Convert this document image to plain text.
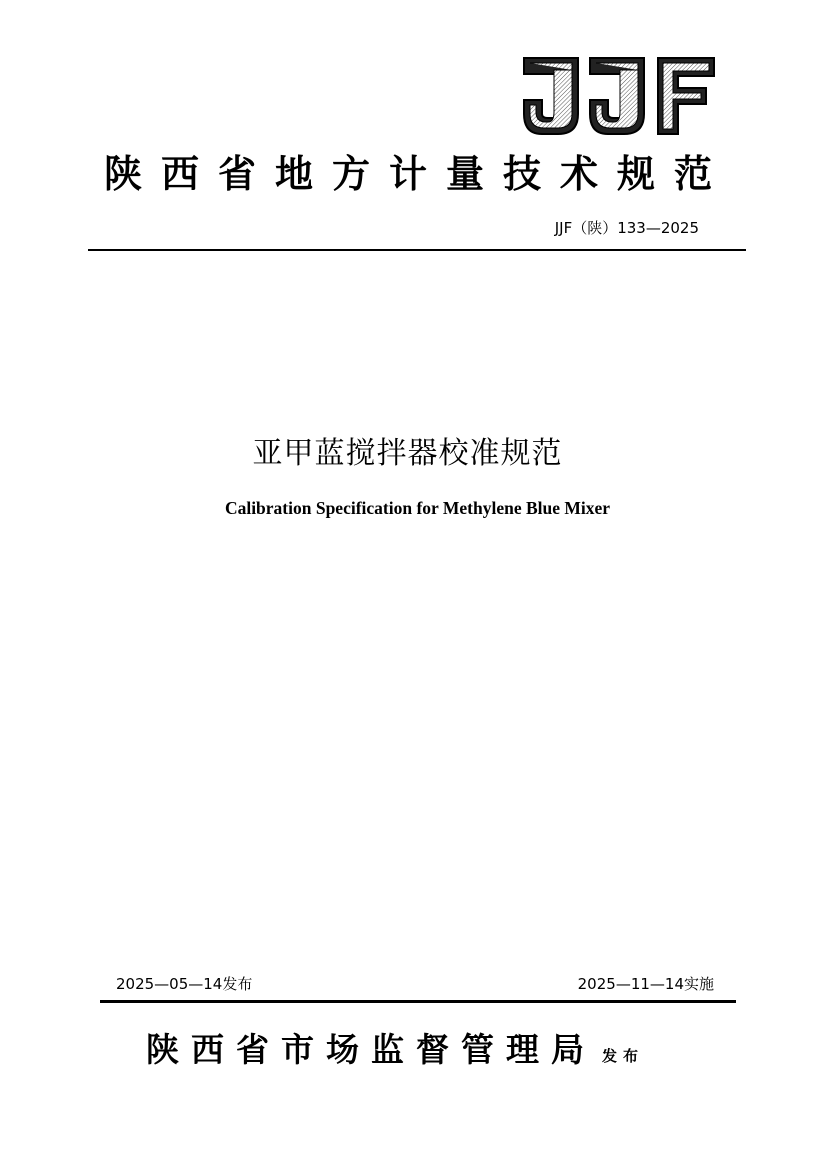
陕西省地方计量技术规范
JJF（陕）133—2025
亚甲蓝搅拌器校准规范
Calibration Specification for Methylene Blue Mixer
2025—05—14发布	2025—11—14实施
陕西省市场监督管理局 发布
